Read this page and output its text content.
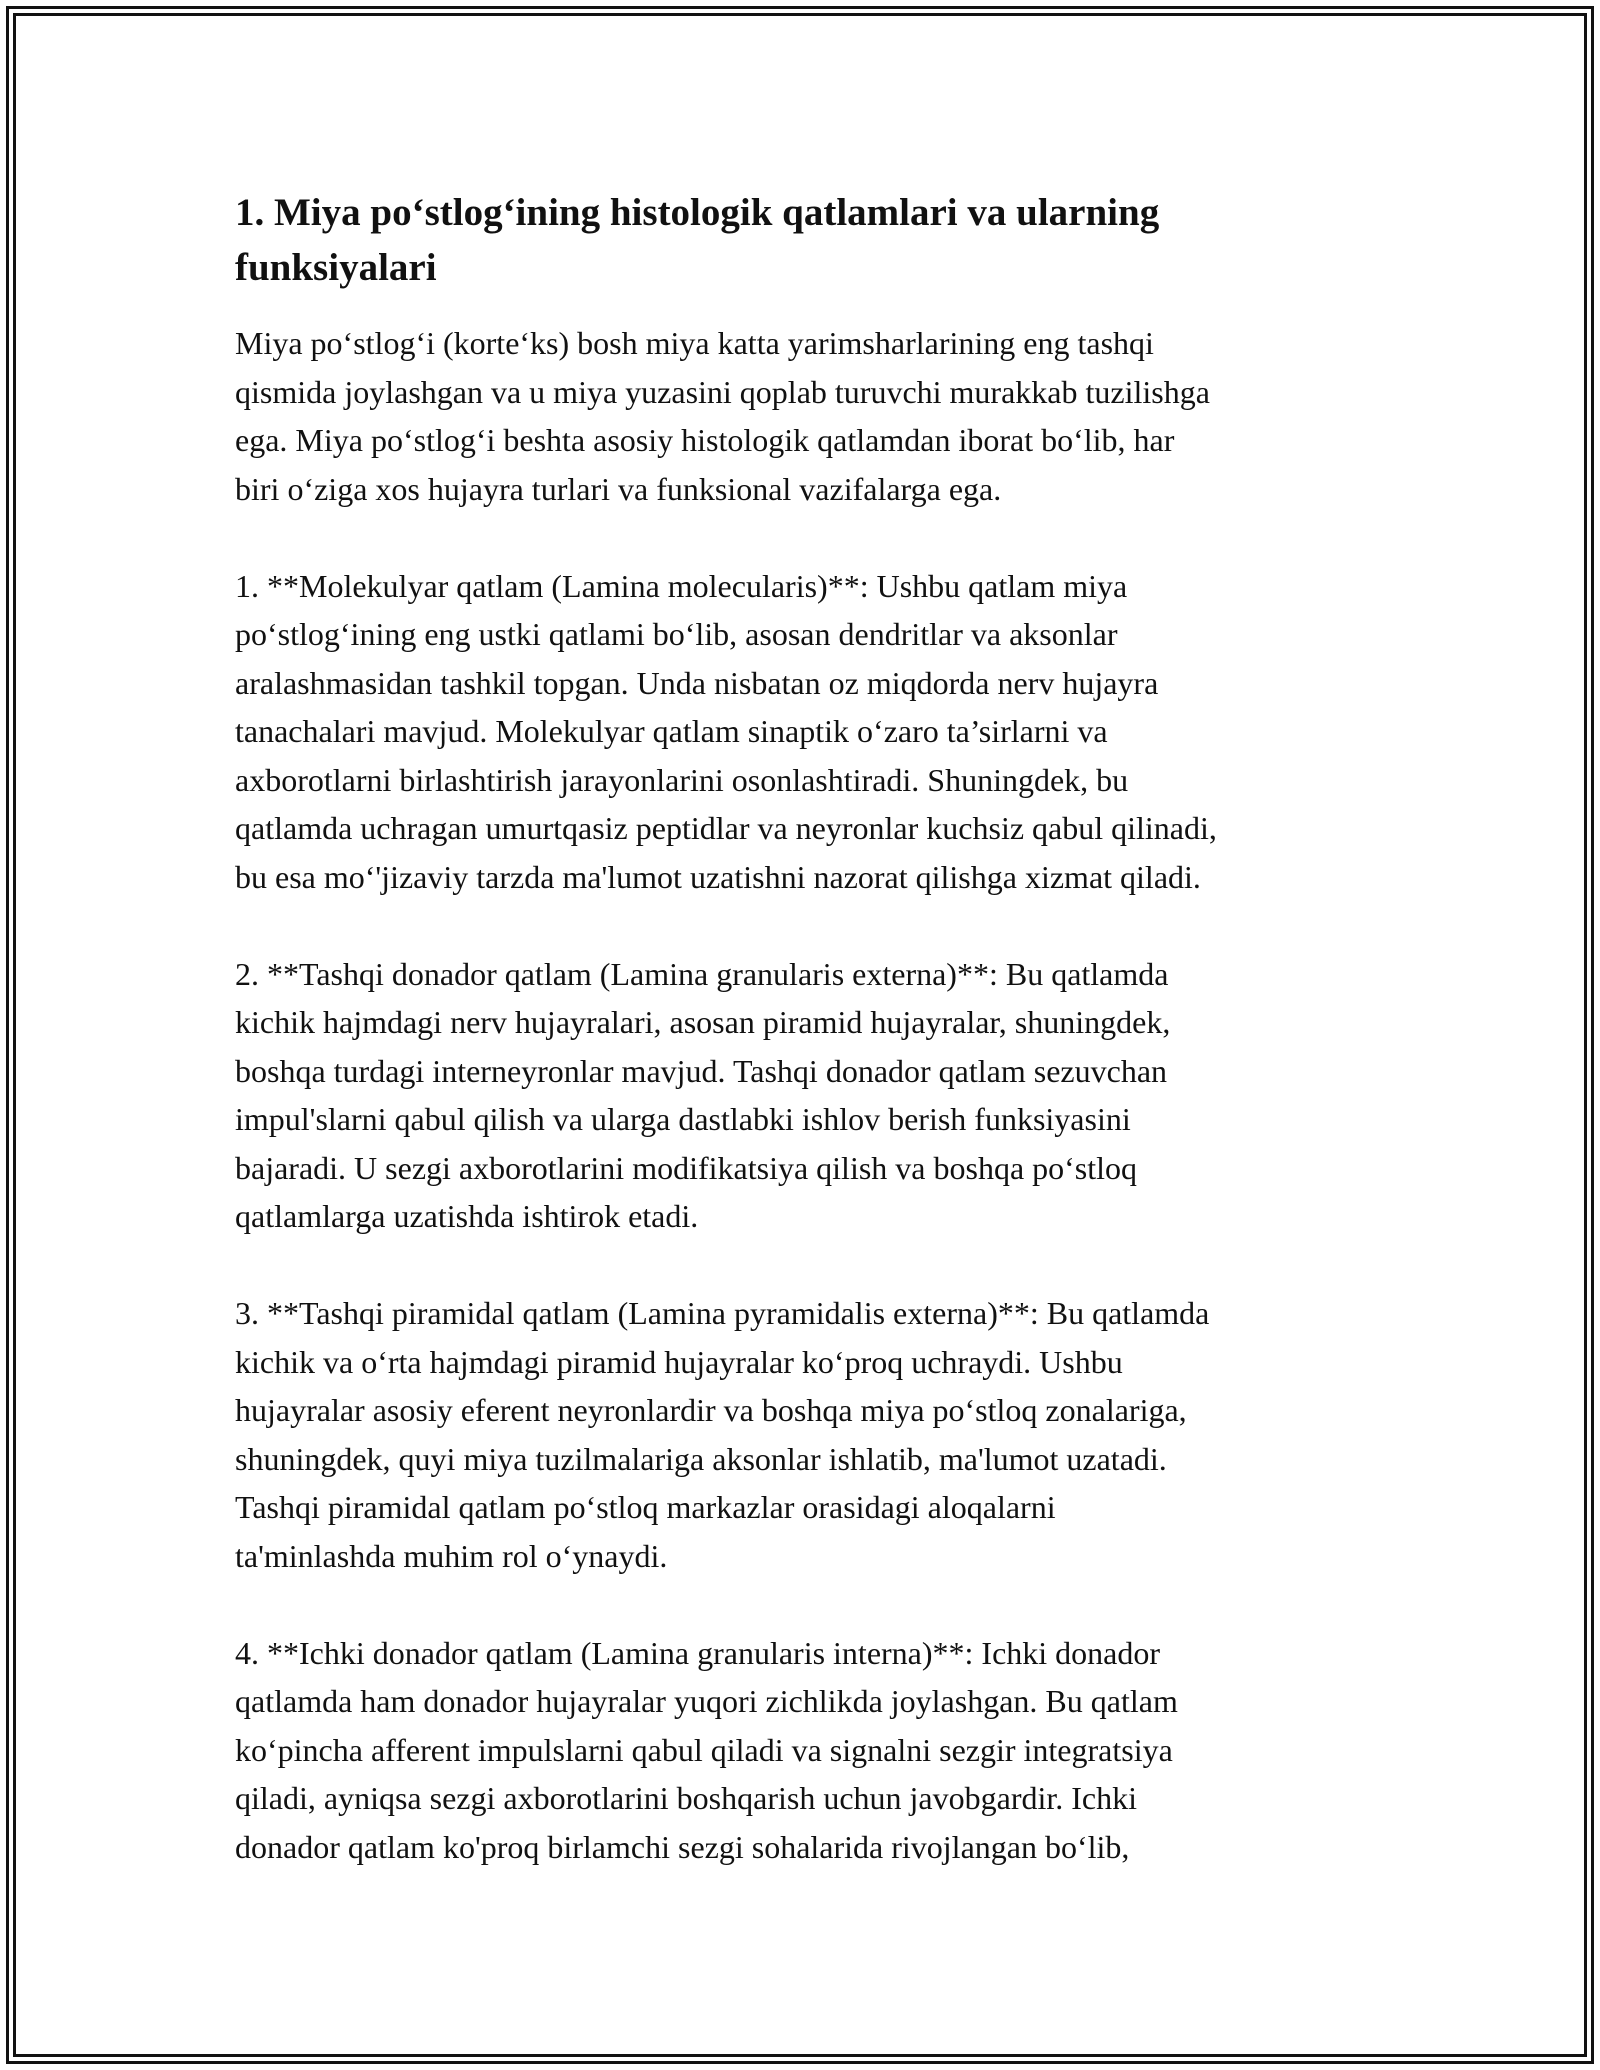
1. Miya po‘stlog‘ining histologik qatlamlari va ularning
funksiyalari

Miya po‘stlog‘i (korte‘ks) bosh miya katta yarimsharlarining eng tashqi
qismida joylashgan va u miya yuzasini qoplab turuvchi murakkab tuzilishga
ega. Miya po‘stlog‘i beshta asosiy histologik qatlamdan iborat bo‘lib, har
biri o‘ziga xos hujayra turlari va funksional vazifalarga ega.

1. **Molekulyar qatlam (Lamina molecularis)**: Ushbu qatlam miya
po‘stlog‘ining eng ustki qatlami bo‘lib, asosan dendritlar va aksonlar
aralashmasidan tashkil topgan. Unda nisbatan oz miqdorda nerv hujayra
tanachalari mavjud. Molekulyar qatlam sinaptik o‘zaro ta’sirlarni va
axborotlarni birlashtirish jarayonlarini osonlashtiradi. Shuningdek, bu
qatlamda uchragan umurtqasiz peptidlar va neyronlar kuchsiz qabul qilinadi,
bu esa mo‘'jizaviy tarzda ma'lumot uzatishni nazorat qilishga xizmat qiladi.

2. **Tashqi donador qatlam (Lamina granularis externa)**: Bu qatlamda
kichik hajmdagi nerv hujayralari, asosan piramid hujayralar, shuningdek,
boshqa turdagi interneyronlar mavjud. Tashqi donador qatlam sezuvchan
impul'slarni qabul qilish va ularga dastlabki ishlov berish funksiyasini
bajaradi. U sezgi axborotlarini modifikatsiya qilish va boshqa po‘stloq
qatlamlarga uzatishda ishtirok etadi.

3. **Tashqi piramidal qatlam (Lamina pyramidalis externa)**: Bu qatlamda
kichik va o‘rta hajmdagi piramid hujayralar ko‘proq uchraydi. Ushbu
hujayralar asosiy eferent neyronlardir va boshqa miya po‘stloq zonalariga,
shuningdek, quyi miya tuzilmalariga aksonlar ishlatib, ma'lumot uzatadi.
Tashqi piramidal qatlam po‘stloq markazlar orasidagi aloqalarni
ta'minlashda muhim rol o‘ynaydi.

4. **Ichki donador qatlam (Lamina granularis interna)**: Ichki donador
qatlamda ham donador hujayralar yuqori zichlikda joylashgan. Bu qatlam
ko‘pincha afferent impulslarni qabul qiladi va signalni sezgir integratsiya
qiladi, ayniqsa sezgi axborotlarini boshqarish uchun javobgardir. Ichki
donador qatlam ko'proq birlamchi sezgi sohalarida rivojlangan bo‘lib,
